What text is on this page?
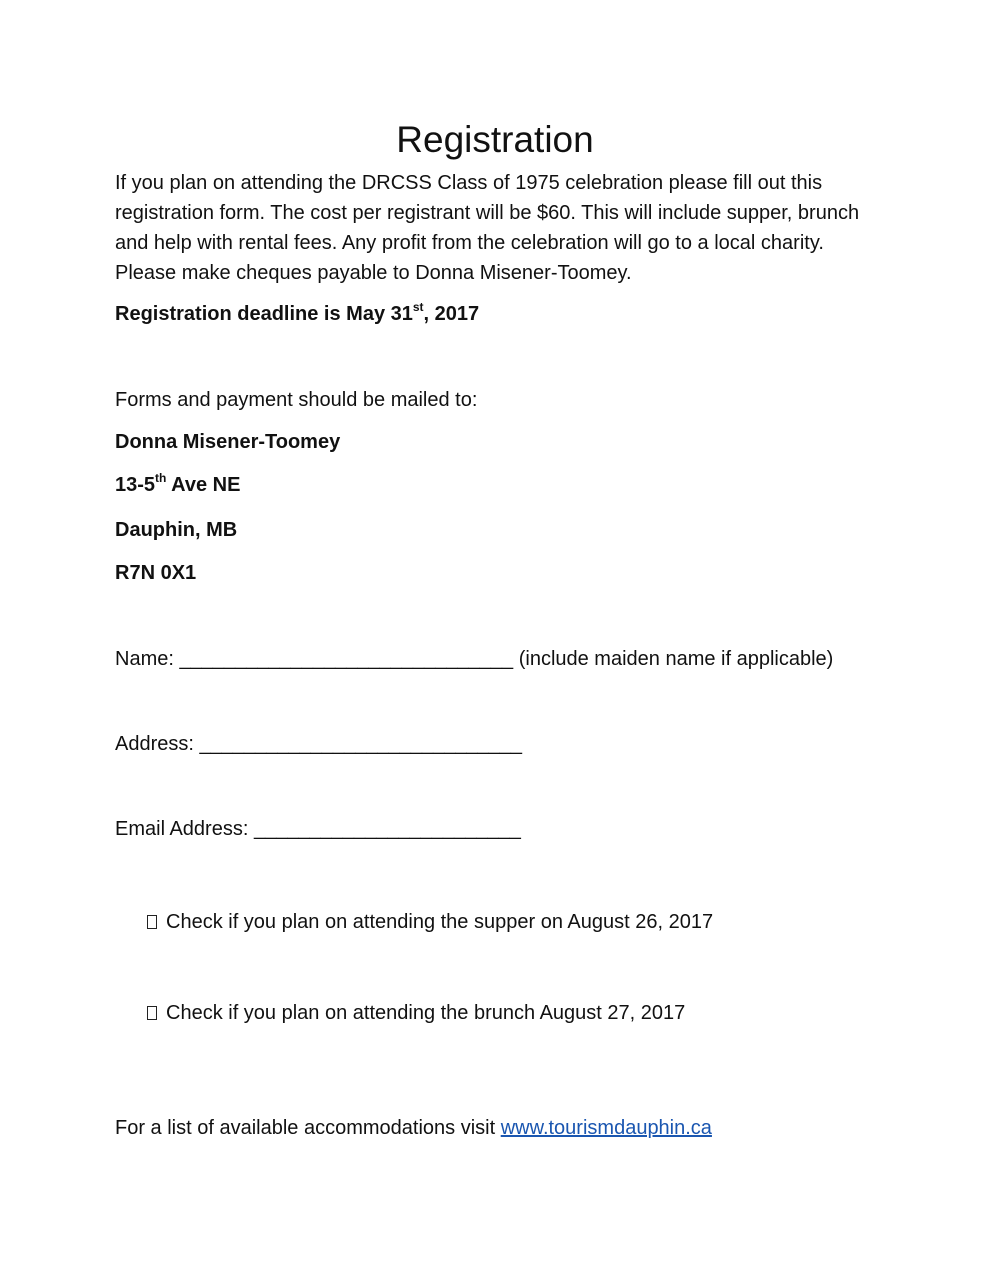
Registration

If you plan on attending the DRCSS Class of 1975 celebration please fill out this registration form. The cost per registrant will be $60. This will include supper, brunch and help with rental fees. Any profit from the celebration will go to a local charity. Please make cheques payable to Donna Misener-Toomey.

Registration deadline is May 31st, 2017

Forms and payment should be mailed to:

Donna Misener-Toomey

13-5th Ave NE

Dauphin, MB

R7N 0X1

Name: ______________________________ (include maiden name if applicable)

Address: _____________________________

Email Address: ________________________

Check if you plan on attending the supper on August 26, 2017
Check if you plan on attending the brunch August 27, 2017

For a list of available accommodations visit www.tourismdauphin.ca
